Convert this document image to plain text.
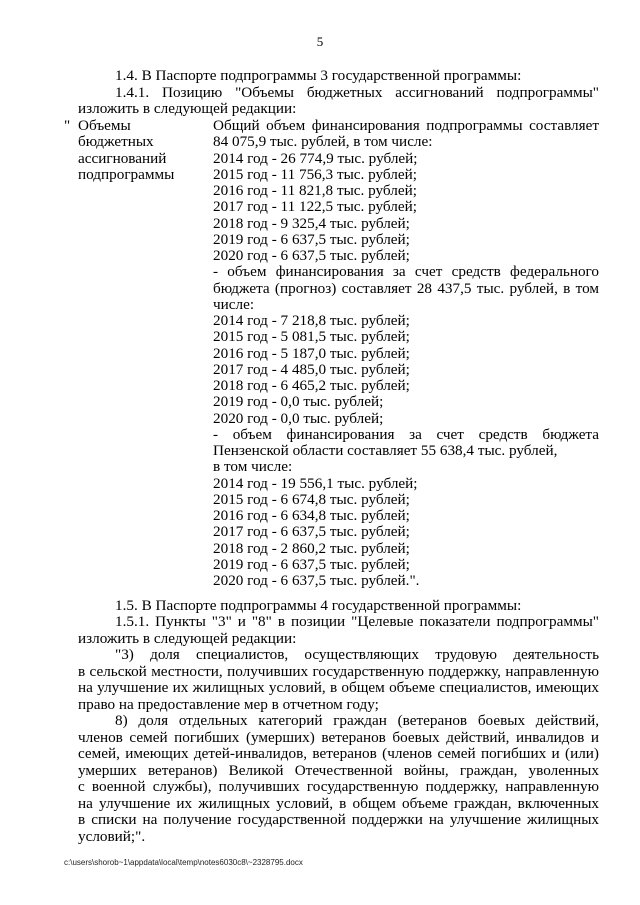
5
1.4. В Паспорте подпрограммы 3 государственной программы:
1.4.1. Позицию "Объемы бюджетных ассигнований подпрограммы"
изложить в следующей редакции:
" Объемы
бюджетных
ассигнований
подпрограммы
Общий объем финансирования подпрограммы составляет
84 075,9 тыс. рублей, в том числе:
2014 год - 26 774,9 тыс. рублей;
2015 год - 11 756,3 тыс. рублей;
2016 год - 11 821,8 тыс. рублей;
2017 год - 11 122,5 тыс. рублей;
2018 год - 9 325,4 тыс. рублей;
2019 год - 6 637,5 тыс. рублей;
2020 год - 6 637,5 тыс. рублей;
- объем финансирования за счет средств федерального
бюджета (прогноз) составляет 28 437,5 тыс. рублей, в том
числе:
2014 год - 7 218,8 тыс. рублей;
2015 год - 5 081,5 тыс. рублей;
2016 год - 5 187,0 тыс. рублей;
2017 год - 4 485,0 тыс. рублей;
2018 год - 6 465,2 тыс. рублей;
2019 год - 0,0 тыс. рублей;
2020 год - 0,0 тыс. рублей;
- объем финансирования за счет средств бюджета
Пензенской области составляет 55 638,4 тыс. рублей,
в том числе:
2014 год - 19 556,1 тыс. рублей;
2015 год - 6 674,8 тыс. рублей;
2016 год - 6 634,8 тыс. рублей;
2017 год - 6 637,5 тыс. рублей;
2018 год - 2 860,2 тыс. рублей;
2019 год - 6 637,5 тыс. рублей;
2020 год - 6 637,5 тыс. рублей.".
1.5. В Паспорте подпрограммы 4 государственной программы:
1.5.1. Пункты "3" и "8" в позиции "Целевые показатели подпрограммы"
изложить в следующей редакции:
"3) доля специалистов, осуществляющих трудовую деятельность
в сельской местности, получивших государственную поддержку, направленную
на улучшение их жилищных условий, в общем объеме специалистов, имеющих
право на предоставление мер в отчетном году;
8) доля отдельных категорий граждан (ветеранов боевых действий,
членов семей погибших (умерших) ветеранов боевых действий, инвалидов и
семей, имеющих детей-инвалидов, ветеранов (членов семей погибших и (или)
умерших ветеранов) Великой Отечественной войны, граждан, уволенных
с военной службы), получивших государственную поддержку, направленную
на улучшение их жилищных условий, в общем объеме граждан, включенных
в списки на получение государственной поддержки на улучшение жилищных
условий;".
c:\users\shorob~1\appdata\local\temp\notes6030c8\~2328795.docx
